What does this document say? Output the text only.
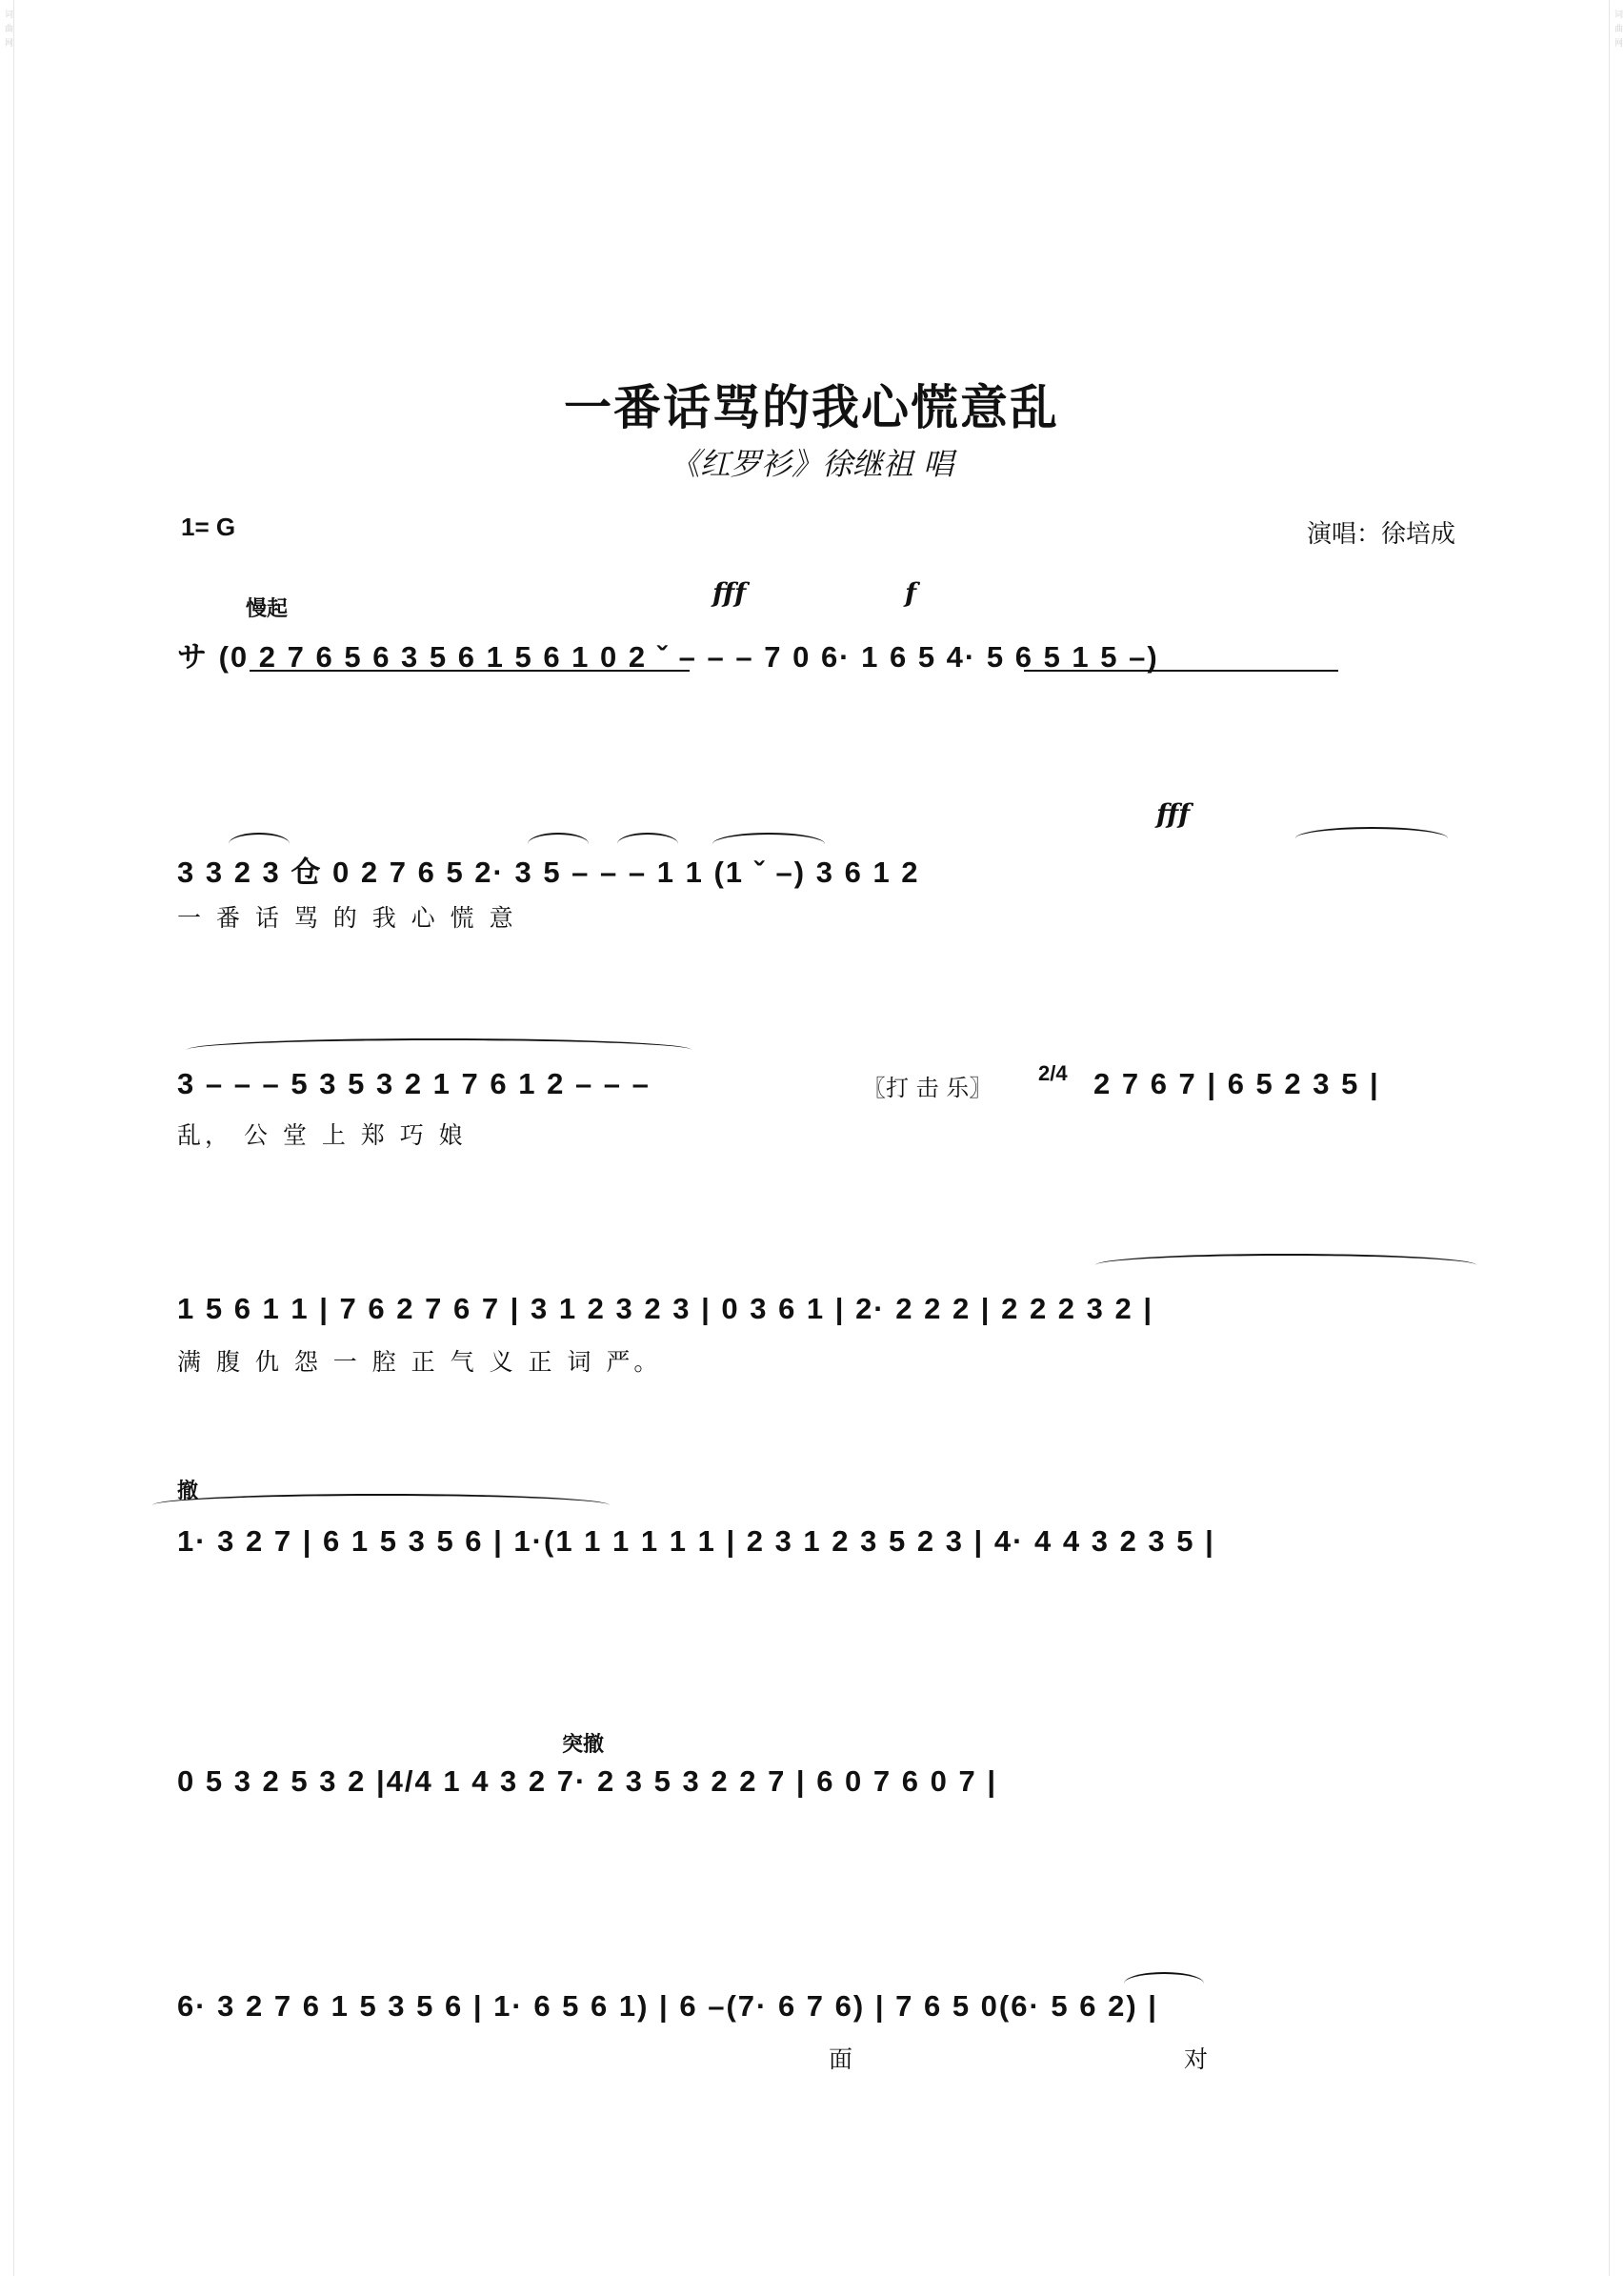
词曲网	词曲网
一番话骂的我心慌意乱
《红罗衫》徐继祖 唱
1= G	演唱：徐培成
慢起	fff	f
サ (0 2 7 6 5 6 3 5 6 1 5 6 1 0 2 ˇ – – – 7 0 6· 1 6 5 4· 5 6 5 1 5 –)
fff
3 3 2 3 仓 0 2 7 6 5 2· 3 5 – – – 1 1 (1 ˇ –) 3 6 1 2
一 番 话 骂 的 我 心 慌 意
3 – – – 5 3 5 3 2 1 7 6 1 2 – – –	〖打 击 乐〗
2/4 2 7 6 7 | 6 5 2 3 5 |
乱， 公 堂 上 郑 巧 娘
1 5 6 1 1 | 7 6 2 7 6 7 | 3 1 2 3 2 3 | 0 3 6 1 | 2· 2 2 2 | 2 2 2 3 2 |
满 腹 仇 怨 一 腔 正 气 义 正 词 严。
撤
1· 3 2 7 | 6 1 5 3 5 6 | 1·(1 1 1 1 1 1 | 2 3 1 2 3 5 2 3 | 4· 4 4 3 2 3 5 |
突撤
0 5 3 2 5 3 2 |4/4 1 4 3 2 7· 2 3 5 3 2 2 7 | 6 0 7 6 0 7 |
6· 3 2 7 6 1 5 3 5 6 | 1· 6 5 6 1) | 6 –(7· 6 7 6) | 7 6 5 0(6· 5 6 2) |
面 对
